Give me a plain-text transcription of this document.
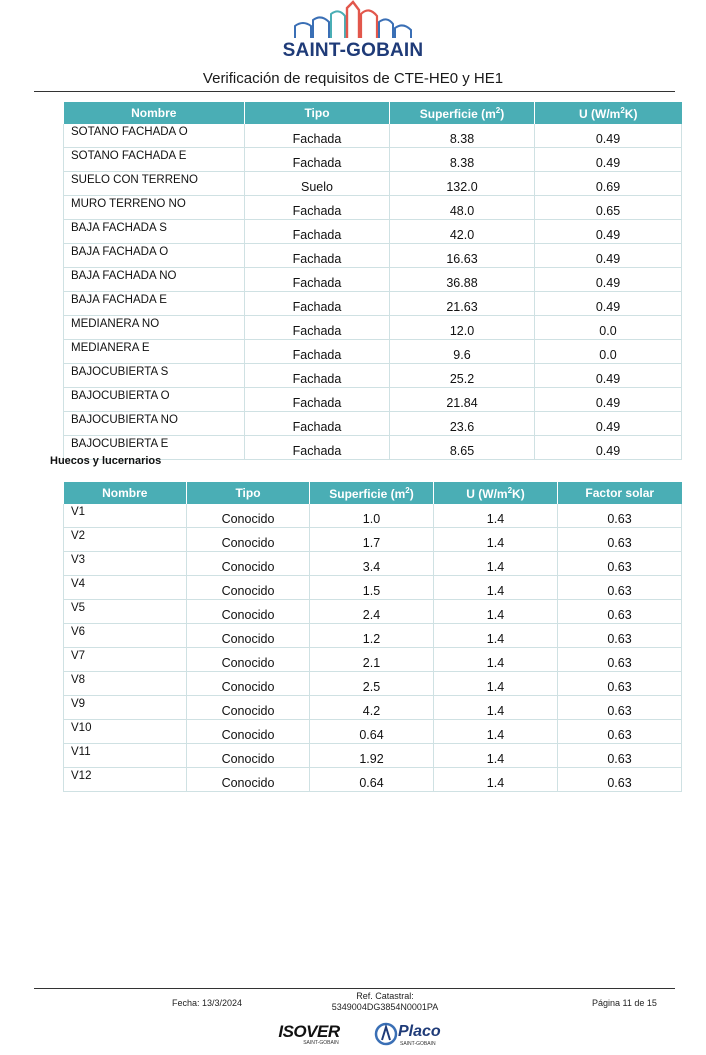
SAINT-GOBAIN
Verificación de requisitos de CTE-HE0 y HE1
Nombre	Tipo	Superficie $(m^2)$	U $(W/m^2K)$
SOTANO FACHADA O	Fachada	8.38	0.49
SOTANO FACHADA E	Fachada	8.38	0.49
SUELO CON TERRENO	Suelo	132.0	0.69
MURO TERRENO NO	Fachada	48.0	0.65
BAJA FACHADA S	Fachada	42.0	0.49
BAJA FACHADA O	Fachada	16.63	0.49
BAJA FACHADA NO	Fachada	36.88	0.49
BAJA FACHADA E	Fachada	21.63	0.49
MEDIANERA NO	Fachada	12.0	0.0
MEDIANERA E	Fachada	9.6	0.0
BAJOCUBIERTA S	Fachada	25.2	0.49
BAJOCUBIERTA O	Fachada	21.84	0.49
BAJOCUBIERTA NO	Fachada	23.6	0.49
BAJOCUBIERTA E	Fachada	8.65	0.49
Huecos y lucernarios
Nombre	Tipo	Superficie $(m^2)$	U $(W/m^2K)$	Factor solar
V1	Conocido	1.0	1.4	0.63
V2	Conocido	1.7	1.4	0.63
V3	Conocido	3.4	1.4	0.63
V4	Conocido	1.5	1.4	0.63
V5	Conocido	2.4	1.4	0.63
V6	Conocido	1.2	1.4	0.63
V7	Conocido	2.1	1.4	0.63
V8	Conocido	2.5	1.4	0.63
V9	Conocido	4.2	1.4	0.63
V10	Conocido	0.64	1.4	0.63
V11	Conocido	1.92	1.4	0.63
V12	Conocido	0.64	1.4	0.63
Fecha: 13/3/2024
Ref. Catastral:
5349004DG3854N0001PA	Página 11 de 15
ISOVER
SAINT-GOBAIN
Placo
SAINT-GOBAIN
